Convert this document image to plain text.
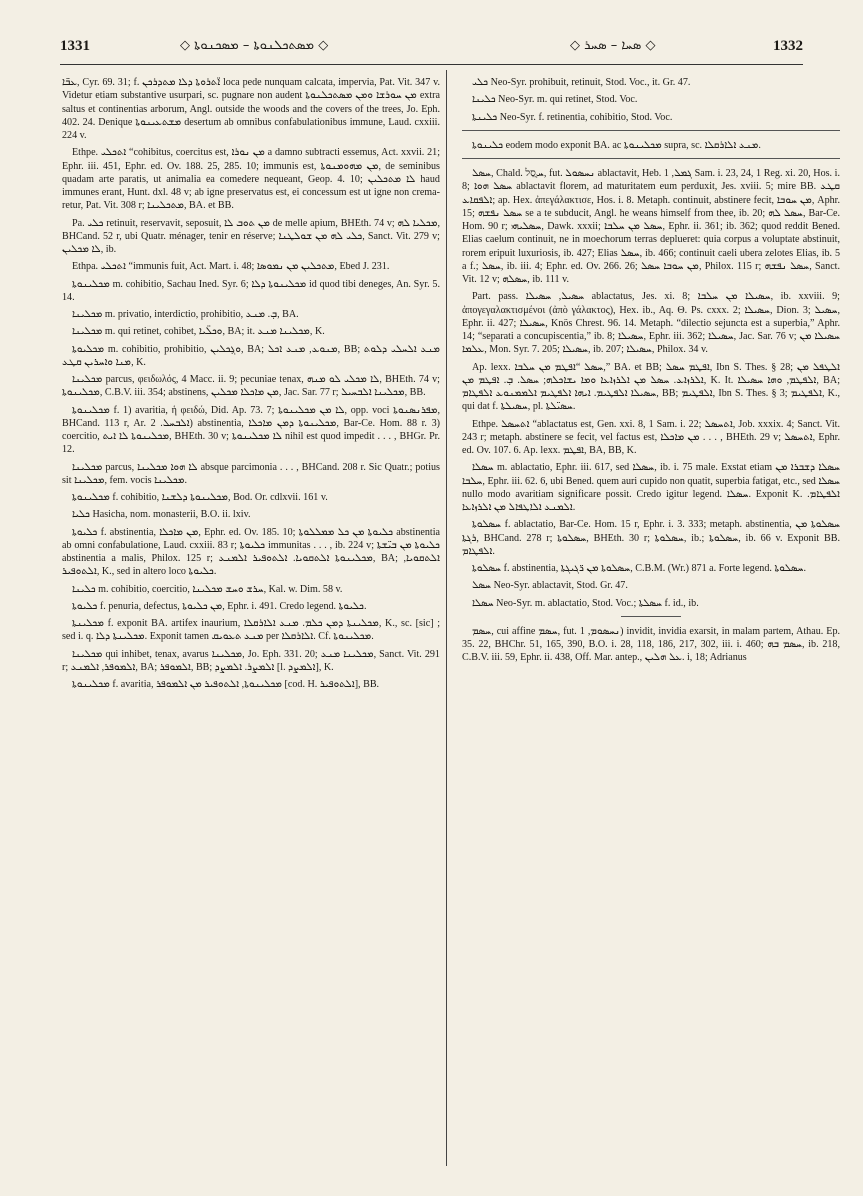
1331	◇ ܡܣܬܟܠܢܘܬܐ – ܡܣܟܢܘܬܐ ◇	◇ ܣܚܐ – ܣܚܪ ◇	1332

ܥܒ̈ܐ, Cyr. 69. 31; f. ܐ̈ܬܪܘܬܐ ܕܠܐ ܡܬܕܪܟܢ loca pede nunquam calcata, impervia, Pat. Vit. 347 v. Videtur etiam substantive usurpari, sc. pugnare non audent ܡܢ ܚܘܪܫܐ ܘܡܢ ܡܣܬܟܠܢܘܬܐ extra saltus et continentias arborum, Angl. outside the woods and the covers of the trees, Jo. Eph. 402. 24. Denique ܡܫܬܥܝܢܘܬܐ desertum ab omnibus confabulationibus immune, Laud. cxxiii. 224 v.

Ethpe. ܐܬܟܠܝ “cohibitus, coercitus est, ܡܢ ܢܘܪܐ a damno subtracti essemus, Act. xxvii. 21; Ephr. iii. 451, Ephr. ed. Ov. 188. 25, 285. 10; immunis est, ܡܢ ܡܗܘܡܢܘܬܐ, de seminibus quadam arte paratis, ut animalia ea comedere nequeant, Geop. 4. 10; ܠܐ ܡܬܟܠܝܢ haud immunes erant, Hunt. dxl. 48 v; ab igne preservatus est, ei concessum est ut igne non crema-retur, Pat. Vit. 308 r; ܡܬܟܠܝܢܐ, BA. et BB.

Pa. ܟܠܝ retinuit, reservavit, seposuit, ܡܢ ܬܘܒ ܠܐ de melle apium, BHEth. 74 v; ܡܟܠܝܐ ܠܗ, BHCand. 52 r, ubi Quatr. ménager, tenir en réserve; ܟܠܝ ܠܗ ܡܢ ܫܘܠܛܢܐ, Sanct. Vit. 279 v; ܠܐ ܡܟܠܝܢ, ib.

Ethpa. ܐܬܟܠܝ “immunis fuit, Act. Mart. i. 48; ܡܬܟܠܝܢ ܡܢ ܢܡܘܣܐ, Ebed J. 231.

ܡܟܠܝܢܘܬܐ m. cohibitio, Sachau Ined. Syr. 6; ܡܟܠܝܢܘܬܐ ܕܠܐ id quod tibi deneges, An. Syr. 5. 14.

ܡܟܠܝܢܐ m. privatio, interdictio, prohibitio, ܒ̣. ܡܢܥ, BA.

ܡܟܠܝܢܐ m. qui retinet, cohibet, ܘܟܠ̈ܝܐ, BA; it. ܡܟܠܝܢܐ ܡܢܥ, K.

ܡܟܠܝܘܬܐ m. cohibitio, prohibitio, ܘܓ̣ܟܠܝܢ, BA; ܡܢܘܥ, ܡܢܥ ܐܟܠ, BB; ܡܢܥ ܐܠܚܠܝ ܕܠܘܬ ܡܢܐ ܘܐܚܪܝܢ ܩܛܥ, K.

ܡܟܠܝܢܐ parcus, φειδωλός, 4 Macc. ii. 9; pecuniae tenax, ܠܐ ܡܟܠܝ ܠܘ ܡܢܗ, BHEth. 74 v; ܡܟܠܝܢܘܬܐ, C.B.V. iii. 354; abstinens, ܡܢ ܡܐܟܠܐ ܡܟܠܝܢ, Jac. Sar. 77 r; ܡܟܠܝܢܐ ܐܠܒܚܝܠ, BB.

ܡܟܠܝܢܘܬܐ f. 1) avaritia, ἡ φειδώ, Did. Ap. 73. 7; ܠܐ ܡܢ ܡܟܠܝܢܘܬܐ, opp. voci ܡܦܪܢܣܢܘܬܐ, BHCand. 113 r, Ar. ܐܠܒܚܠ. 2) abstinentia, ܡܟܠܝܢܘܬܐ ܕܡܢ ܡܐܟܠܐ, Bar-Ce. Hom. 88 r. 3) coercitio, ܡܟܠܝܢܘܬܐ ܠܐ ܐܝܬ, BHEth. 30 v; ܠܐ ܡܟܠܝܢܘܬܐ nihil est quod impedit . . . , BHGr. Pr. 12.

ܡܟܠܝܢܐ parcus, ܠܐ ܗܘܐ ܡܟܠܝܢܐ absque parcimonia . . . , BHCand. 208 r. Sic Quatr.; potius sit ܡܟܠܝܢܐ, fem. vocis ܡܟܠܝܢܐ.

ܡܟܠܝܢܘܬܐ f. cohibitio, ܡܟܠܝܢܘܬܐ ܕܠܫܢܐ, Bod. Or. cdlxvii. 161 v.

ܟܠܝܐ Hasicha, nom. monasterii, B.O. ii. lxiv.

ܟܠܝܘܬܐ f. abstinentia, ܡܢ ܡܐܟܠܐ, Ephr. ed. Ov. 185. 10; ܟܠܝܘܬܐ ܡܢ ܟܠ ܡܡܠܠܘܬܐ abstinentia ab omni confabulatione, Laud. cxxiii. 83 r; ܟܠܝܘܬܐ immunitas . . . , ib. 224 v; ܟܠܝܘܬܐ ܡܢ ܒܝ̈ܫܬܐ abstinentia a malis, Philox. 125 r; ܡܟܠܝܢܘܬܐ ܐܠܬܩܘܝܐ. ܐܠܬܘܦܝܪ ܐܠܡܢܥ, BA; ܐܠܬܩܘܝܐ, ܐܠܬܘܦܝܪ, K., sed in altero loco ܟܠܝܘܬܐ.

ܟܠܝܢܐ m. cohibitio, coercitio, ܚܪܫ ܘܚܫ ܡܟܠܝܢܐ, Kal. w. Dim. 58 v.

ܟܠܝܘܬܐ f. penuria, defectus, ܡܢ ܟܠܝܘܬܐ, Ephr. i. 491. Credo legend. ܟܠܝܘܬܐ.

ܡܟܠܝܢܬܐ f. exponit BA. artifex inaurium, ܡܟܠܝܢܬܐ ܕܡܢ ܟܠܡ. ܡܢܥ ܐܠܐܪܩܠܐ, K., sc. [sic] ; sed i. q. ܡܟܠܝܢܬܐ ܕܠܐ. Exponit tamen ܡܢܥ ܬܥܘܝܩ per ܐܠܐܪܩܠܐ. Cf. ܡܟܠܝܢܘܬܐ.

ܡܟܠܝܢܐ qui inhibet, tenax, avarus ܡܟܠܝܢܐ, Jo. Eph. 331. 20; ܡܟܠܝܢܐ ܡܢܥ, Sanct. Vit. 291 r; ܐܠܡܘܦܪ, ܐܠܡܢܥ, BA; ܐܠܡܘܦܪ, BB; ܐܠܡܨܪ. ܐܠܡܨܕ [l. ܐܠܡܨܕ], K.

ܡܟܠܝܢܘܬܐ f. avaritia, ܡܟܠܝܢܘܬܐ, ܐܠܬܘܦܝܪ ܡܢ ܐܠܡܘܦܪ [cod. H. ܐܠܬܘܦܝܪ], BB.

ܟܠܝ Neo-Syr. prohibuit, retinuit, Stod. Voc., it. Gr. 47.

ܟܠܝܢܐ Neo-Syr. m. qui retinet, Stod. Voc.

ܟܠܝܢܬܐ Neo-Syr. f. retinentia, cohibitio, Stod. Voc.

ܟܠܝܢܘܬܐ eodem modo exponit BA. ac ܡܟܠܝܢܘܬܐ supra, sc. ܡܢܥ ܐܠܐܪܩܠܐ.

ܚܣܠ, Chald. ܚֲסַל, fut. ܢܚܣܘܠ ablactavit, Heb. ܓܡܠ, 1 Sam. i. 23, 24, 1 Reg. xi. 20, Hos. i. 8; ܚܣܠ ܗܘܐ ablactavit florem, ad maturitatem eum perduxit, Jes. xviii. 5; mire BB. ܩܛܥ ܐܠܦܩܐܥ; ap. Hex. ἀπεγάλακτισε, Hos. i. 8. Metaph. continuit, abstinere fecit, ܡܢ ܚܘܒܐ, Aphr. 15; ܚܣܠ ܢܦܫܗ se a te subducit, Angl. he weans himself from thee, ib. 20; ܚܣܠ ܠܗ, Bar-Ce. Hom. 90 r; ܚܣܠܝܗܝ, Dawk. xxxii; ܚܣܠ ܡܢ ܚܠܒܐ, Ephr. ii. 361; ib. 362; quod reddit Bened. Elias caelum continuit, ne in moechorum terras deplueret: quia corpus a voluptate abstinuit, rorem eripuit luxuriosis, ib. 427; Elias ܚܣܠ, ib. 466; continuit caeli ubera zelotes Elias, ib. 5 a f.; ܚܣܠ, ib. iii. 4; Ephr. ed. Ov. 266. 26; ܡܢ ܚܘܒܐ ܚܣܠ, Philox. 115 r; ܚܣܠ ܢܦܫܗ, Sanct. Vit. 12 v; ܚܣܠܗ, ib. 111 v.

Part. pass. ܚܣܝܠ, ܚܣܝܠܐ ablactatus, Jes. xi. 8; ܚܣܝܠܐ ܡܢ ܚܠܒܐ, ib. xxviii. 9; ἀπογεγαλακτισμένοι (ἀπὸ γάλακτος), Hex. ib., Aq. Θ. Ps. cxxx. 2; ܚܣܝܠܐ, Dion. 3; ܚܣܝܠ, Ephr. ii. 427; ܚܣܝܠܐ, Knös Chrest. 96. 14. Metaph. “dilectio sejuncta est a superbia,” Aphr. 14; “separati a concupiscentia,” ib. 8; ܚܣܝܠܐ, Ephr. iii. 362; ܚܣܝܠܐ, Jac. Sar. 76 v; ܚܣܝܠܐ ܡܢ ܥܠܡܐ, Mon. Syr. 7. 205; ܚܣܝܠܐ, ib. 207; ܚܣܝܠܐ, Philox. 34 v.

Ap. lexx. ܚܣܠ “ܐܦܛܡ ܡܢ ܚܠܒܐ,” BA. et BB; ܐܦܛܡ ܚܣܠ, Ibn S. Thes. § 28; ܐܠܛܦܠ ܡܢ ܐܠܪܙܐܥ. ܚܣܠ ܡܢ ܐܠܪܙܐܥܐ ܘܡܐ ܝܫܐܟܠܗ; ܚܣܠ. ܒ̣. ܐܦܛܡ ܡܢ, K. It. ܐܠܦܛܡ, ܘܗܐ ܚܣܝܠܐ, BA; ܚܣܝܠܐ ܐܠܦܛܝܡ. ܐܝܗܐ ܐܠܦܛܝܡ ܐܠܡܡܢܘܥ ܐܠܦܛܐܡ, BB; ܐܠܦܛܝܡ, Ibn S. Thes. § 3; ܐܠܦܛܝܡ, K., qui dat f. ܚܣܝܠܬܐ, pl. ܚܣܝ̈ܠܬܐ.

Ethpe. ܐܬܚܣܠ “ablactatus est, Gen. xxi. 8, 1 Sam. i. 22; ܐܬܚܣܠ, Job. xxxix. 4; Sanct. Vit. 243 r; metaph. abstinere se fecit, vel factus est, ܡܢ ܡܐܟܠܐ . . . , BHEth. 29 v; ܐܬܚܣܠ, Ephr. ed. Ov. 107. 6. Ap. lexx. ܐܦܛܡ, BA, BB, K.

ܚܣܠܐ m. ablactatio, Ephr. iii. 617, sed ܚܣܠܐ, ib. i. 75 male. Exstat etiam ܚܣܠܐ ܕܫܒܪܐ ܡܢ ܚܠܒܐ, Ephr. iii. 62. 6, ubi Bened. quem auri cupido non quatit, superbia fatigat, etc., sed ܚܣܠܐ nullo modo avaritiam significare possit. Credo igitur legend. ܚܣܠܐ. Exponit K. ܐܠܦܛܐܡ. ܐܠܡܢܥ ܐܠܐܛܦܐܠ ܡܢ ܐܠܪܙܐܥܐ.

ܚܣܠܘܬܐ f. ablactatio, Bar-Ce. Hom. 15 r, Ephr. i. 3. 333; metaph. abstinentia, ܚܣܠܘܬܐ ܡܢ ܪܓܬܐ, BHCand. 278 r; ܚܣܠܘܬܐ, BHEth. 30 r; ܚܣܠܘܬܐ, ib.; ܚܣܠܘܬܐ, ib. 66 v. Exponit BB. ܐܠܦܛܐܡ.

ܚܣܠܘܬܐ f. abstinentia, ܚܣܠܘܬܐ ܡܢ ܪ̈ܓܝܓܬܐ, C.B.M. (Wr.) 871 a. Forte legend. ܚܣܠܘܬܐ.

ܚܣܠ Neo-Syr. ablactavit, Stod. Gr. 47.

ܚܣܠܐ Neo-Syr. m. ablactatio, Stod. Voc.; ܚܣܠܬܐ f. id., ib.

ܚܣܡ, cui affine ܚܣܡ, fut. ܢܚܣܘܡ, 1) invidit, invidia exarsit, in malam partem, Athau. Ep. 35. 22, BHChr. 51, 165, 390, B.O. i. 28, 118, 186, 217, 302, iii. i. 460; ܚܣܡ ܒܗ, ib. 218, C.B.V. iii. 59, Ephr. ii. 438, Off. Mar. antep., ܥܠ ܗܠܝܢ. i, 18; Adrianus
